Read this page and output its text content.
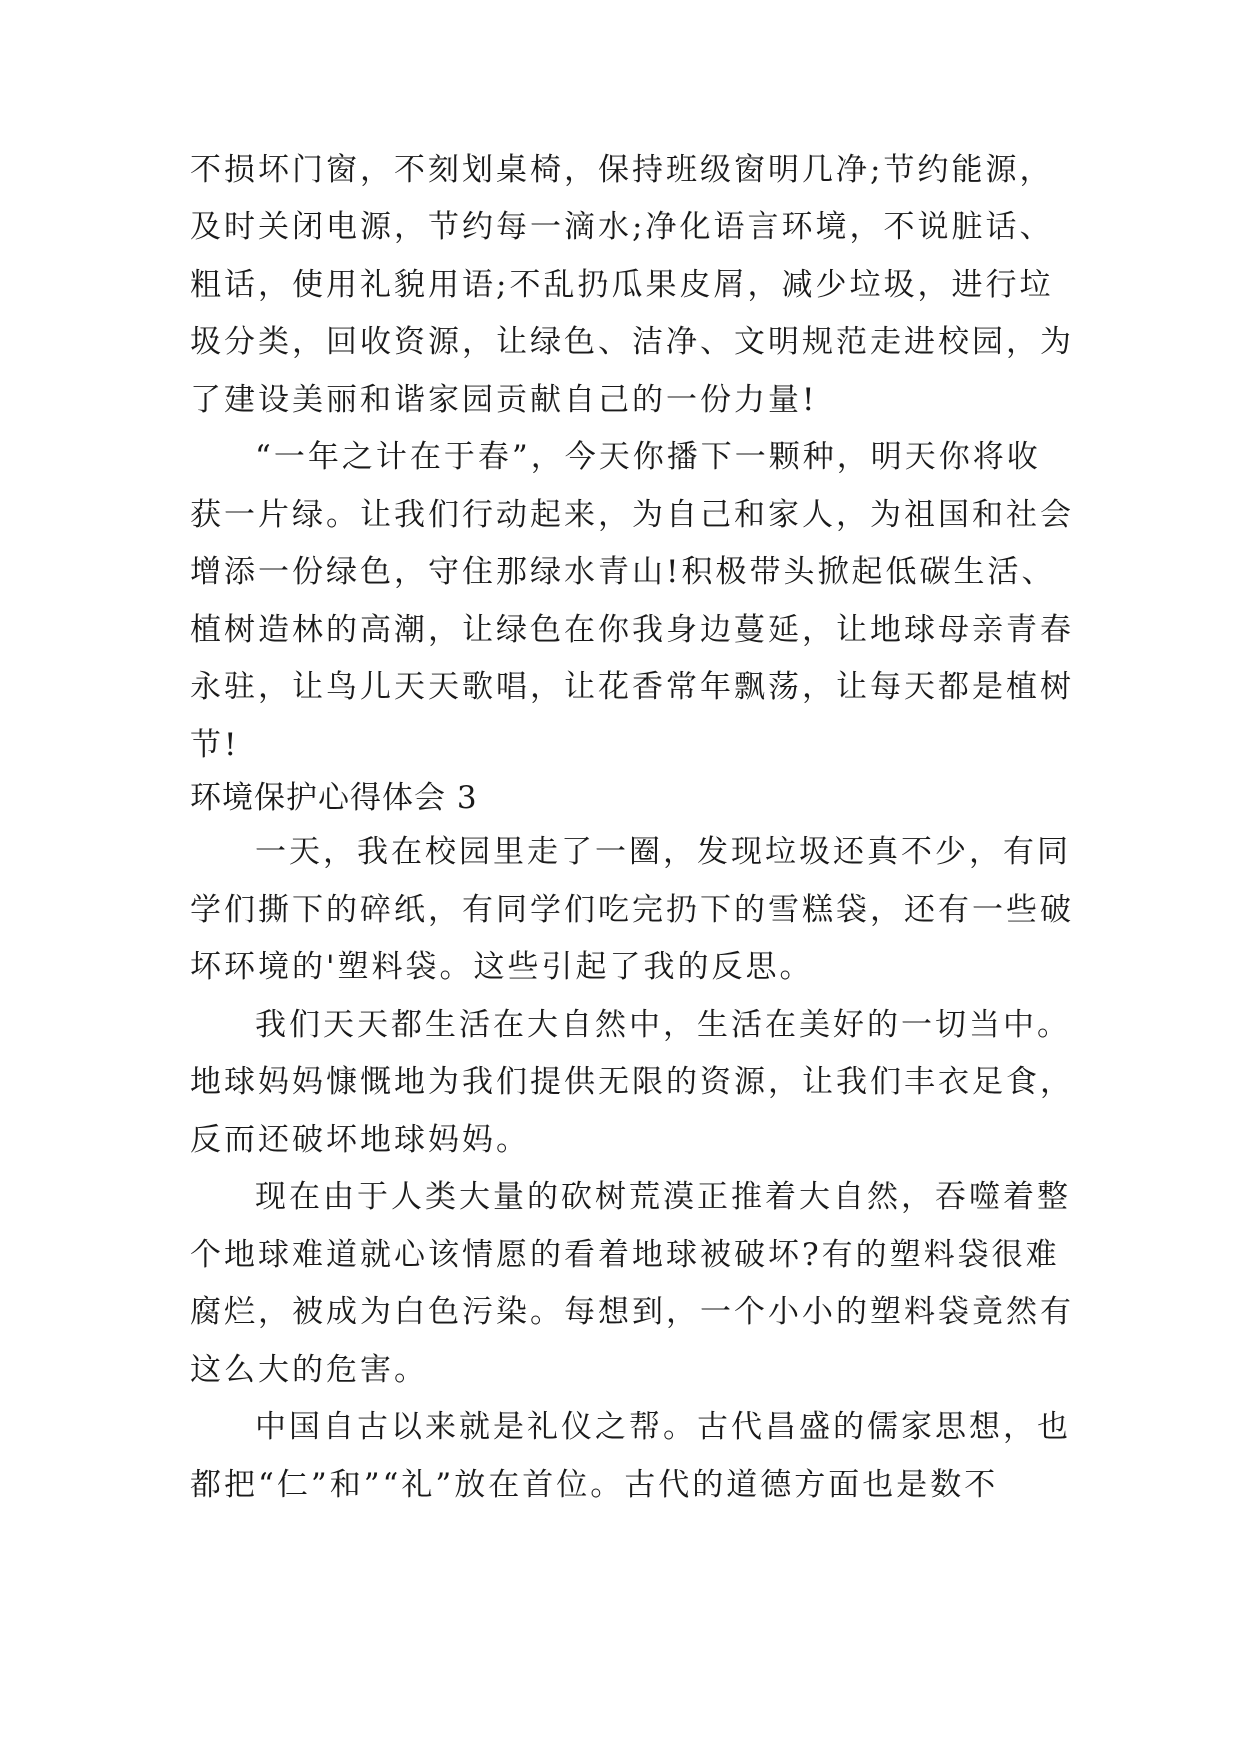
不损坏门窗，不刻划桌椅，保持班级窗明几净;节约能源，
及时关闭电源，节约每一滴水;净化语言环境，不说脏话、
粗话，使用礼貌用语;不乱扔瓜果皮屑，减少垃圾，进行垃
圾分类，回收资源，让绿色、洁净、文明规范走进校园，为
了建设美丽和谐家园贡献自己的一份力量!
“一年之计在于春”，今天你播下一颗种，明天你将收
获一片绿。让我们行动起来，为自己和家人，为祖国和社会
增添一份绿色，守住那绿水青山!积极带头掀起低碳生活、
植树造林的高潮，让绿色在你我身边蔓延，让地球母亲青春
永驻，让鸟儿天天歌唱，让花香常年飘荡，让每天都是植树
节!
环境保护心得体会 3
一天，我在校园里走了一圈，发现垃圾还真不少，有同
学们撕下的碎纸，有同学们吃完扔下的雪糕袋，还有一些破
坏环境的'塑料袋。这些引起了我的反思。
我们天天都生活在大自然中，生活在美好的一切当中。
地球妈妈慷慨地为我们提供无限的资源，让我们丰衣足食，
反而还破坏地球妈妈。
现在由于人类大量的砍树荒漠正推着大自然，吞噬着整
个地球难道就心该情愿的看着地球被破坏?有的塑料袋很难
腐烂，被成为白色污染。每想到，一个小小的塑料袋竟然有
这么大的危害。
中国自古以来就是礼仪之帮。古代昌盛的儒家思想，也
都把“仁”和”“礼”放在首位。古代的道德方面也是数不
